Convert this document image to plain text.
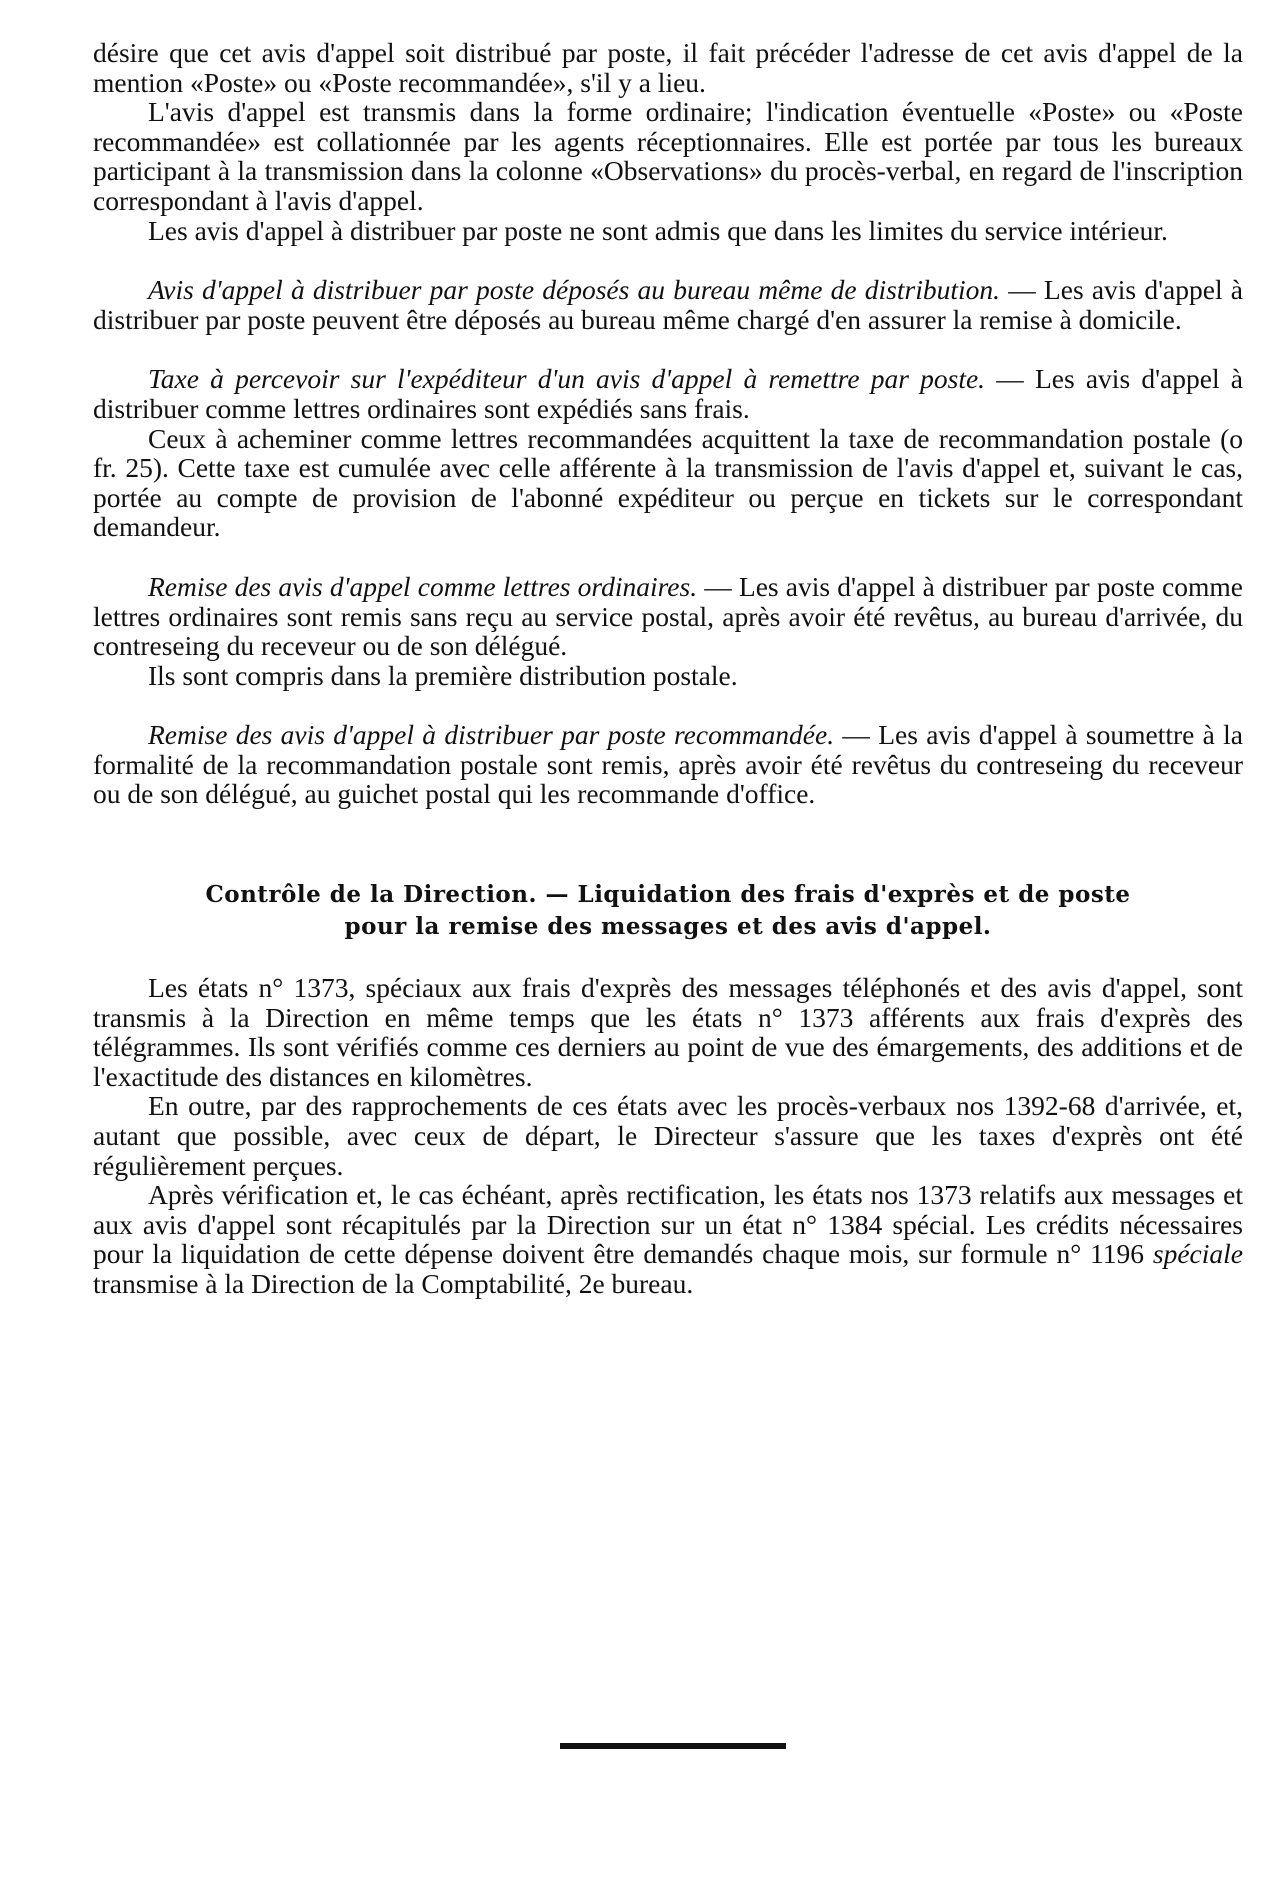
désire que cet avis d'appel soit distribué par poste, il fait précéder l'adresse de cet avis d'appel de la mention «Poste» ou «Poste recommandée», s'il y a lieu.

L'avis d'appel est transmis dans la forme ordinaire; l'indication éventuelle «Poste» ou «Poste recommandée» est collationnée par les agents réceptionnaires. Elle est portée par tous les bureaux participant à la transmission dans la colonne «Observations» du procès-verbal, en regard de l'inscription correspondant à l'avis d'appel.

Les avis d'appel à distribuer par poste ne sont admis que dans les limites du service intérieur.

Avis d'appel à distribuer par poste déposés au bureau même de distribution. — Les avis d'appel à distribuer par poste peuvent être déposés au bureau même chargé d'en assurer la remise à domicile.

Taxe à percevoir sur l'expéditeur d'un avis d'appel à remettre par poste. — Les avis d'appel à distribuer comme lettres ordinaires sont expédiés sans frais.

Ceux à acheminer comme lettres recommandées acquittent la taxe de recommandation postale (o fr. 25). Cette taxe est cumulée avec celle afférente à la transmission de l'avis d'appel et, suivant le cas, portée au compte de provision de l'abonné expéditeur ou perçue en tickets sur le correspondant demandeur.

Remise des avis d'appel comme lettres ordinaires. — Les avis d'appel à distribuer par poste comme lettres ordinaires sont remis sans reçu au service postal, après avoir été revêtus, au bureau d'arrivée, du contreseing du receveur ou de son délégué.

Ils sont compris dans la première distribution postale.

Remise des avis d'appel à distribuer par poste recommandée. — Les avis d'appel à soumettre à la formalité de la recommandation postale sont remis, après avoir été revêtus du contreseing du receveur ou de son délégué, au guichet postal qui les recommande d'office.

Contrôle de la Direction. — Liquidation des frais d'exprès et de poste
pour la remise des messages et des avis d'appel.

Les états n° 1373, spéciaux aux frais d'exprès des messages téléphonés et des avis d'appel, sont transmis à la Direction en même temps que les états n° 1373 afférents aux frais d'exprès des télégrammes. Ils sont vérifiés comme ces derniers au point de vue des émargements, des additions et de l'exactitude des distances en kilomètres.

En outre, par des rapprochements de ces états avec les procès-verbaux nos 1392-68 d'arrivée, et, autant que possible, avec ceux de départ, le Directeur s'assure que les taxes d'exprès ont été régulièrement perçues.

Après vérification et, le cas échéant, après rectification, les états nos 1373 relatifs aux messages et aux avis d'appel sont récapitulés par la Direction sur un état n° 1384 spécial. Les crédits nécessaires pour la liquidation de cette dépense doivent être demandés chaque mois, sur formule n° 1196 spéciale transmise à la Direction de la Comptabilité, 2e bureau.
